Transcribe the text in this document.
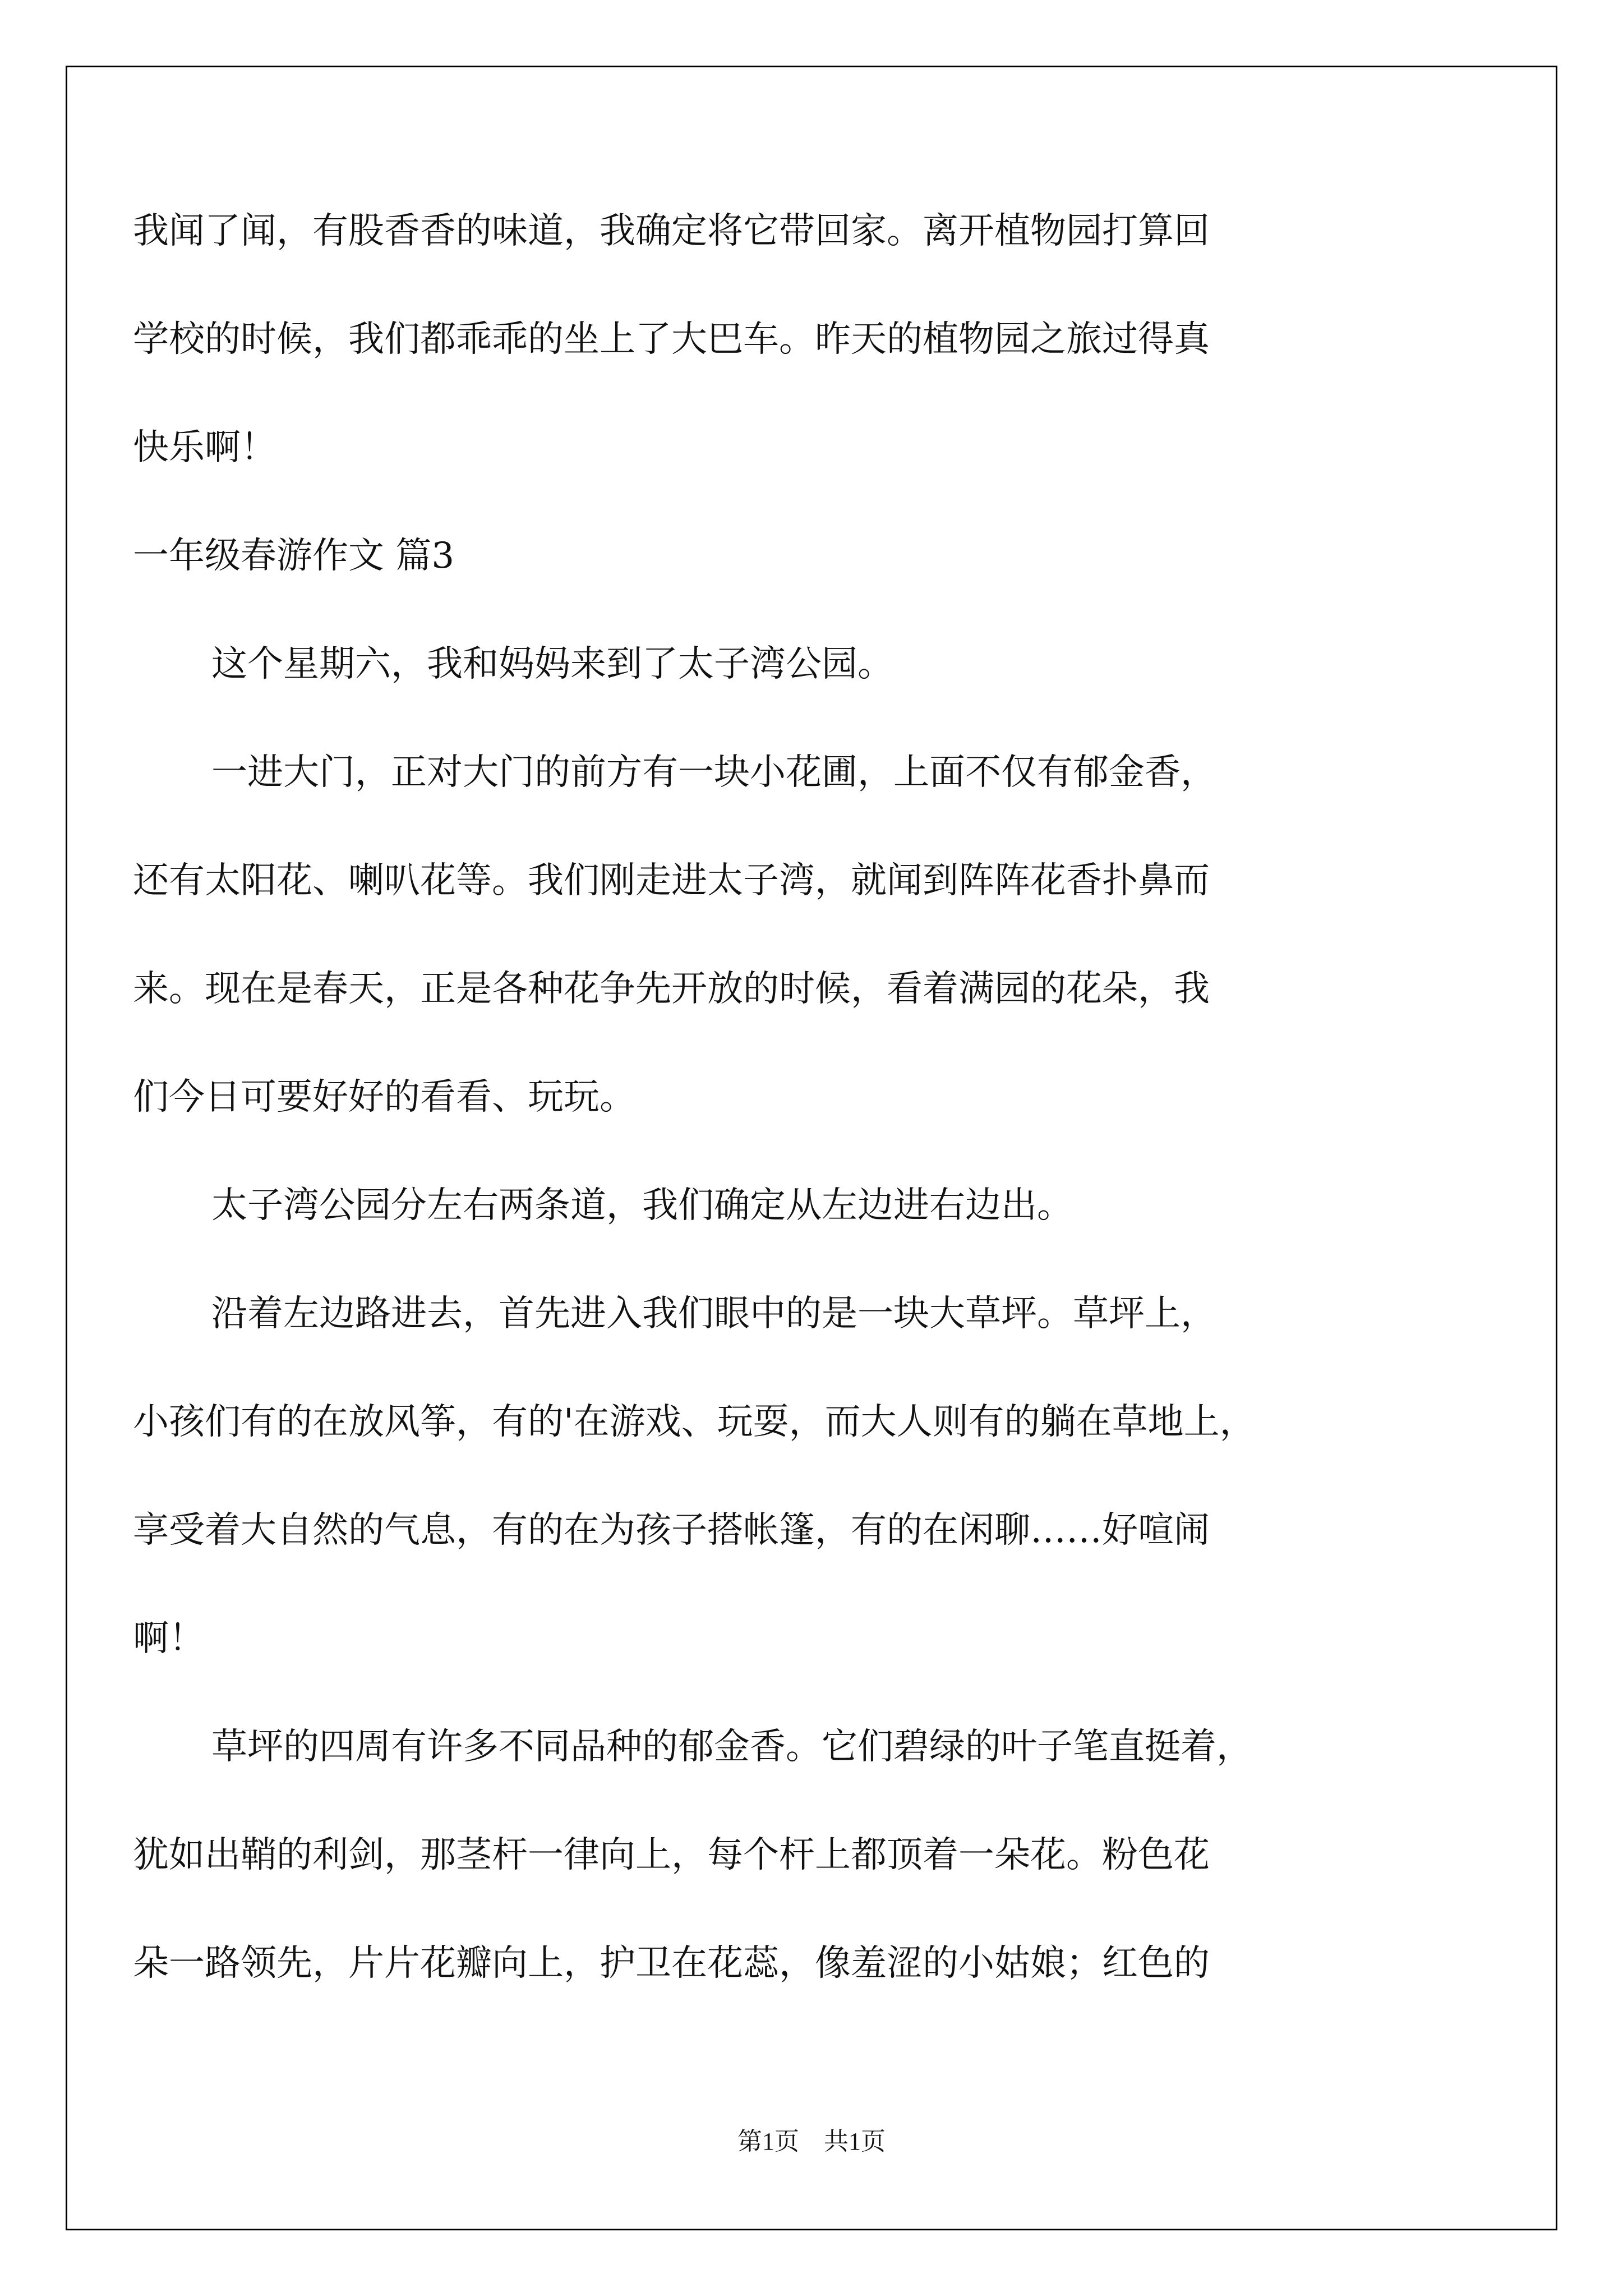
我闻了闻，有股香香的味道，我确定将它带回家。离开植物园打算回
学校的时候，我们都乖乖的坐上了大巴车。昨天的植物园之旅过得真
快乐啊！
一年级春游作文 篇3
这个星期六，我和妈妈来到了太子湾公园。
一进大门，正对大门的前方有一块小花圃，上面不仅有郁金香，
还有太阳花、喇叭花等。我们刚走进太子湾，就闻到阵阵花香扑鼻而
来。现在是春天，正是各种花争先开放的时候，看着满园的花朵，我
们今日可要好好的看看、玩玩。
太子湾公园分左右两条道，我们确定从左边进右边出。
沿着左边路进去，首先进入我们眼中的是一块大草坪。草坪上，
小孩们有的在放风筝，有的'在游戏、玩耍，而大人则有的躺在草地上，
享受着大自然的气息，有的在为孩子搭帐篷，有的在闲聊……好喧闹
啊！
草坪的四周有许多不同品种的郁金香。它们碧绿的叶子笔直挺着，
犹如出鞘的利剑，那茎杆一律向上，每个杆上都顶着一朵花。粉色花
朵一路领先，片片花瓣向上，护卫在花蕊，像羞涩的小姑娘；红色的
第1页　共1页
